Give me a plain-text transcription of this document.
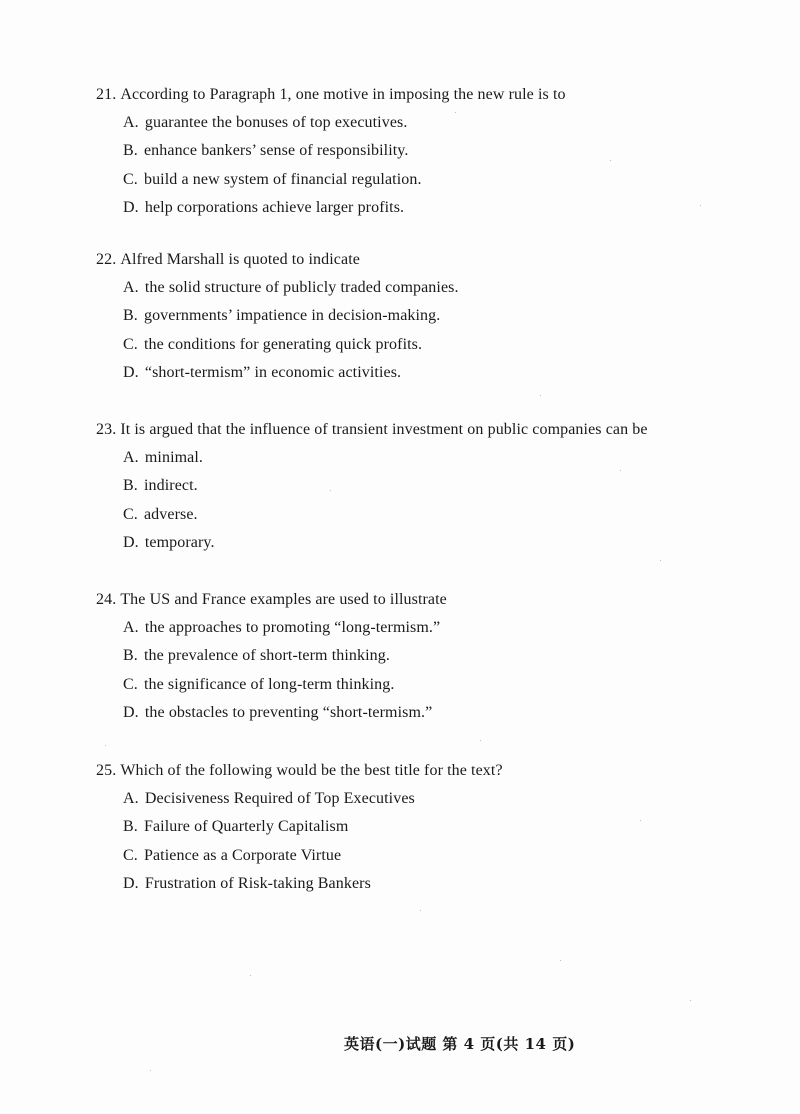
21. According to Paragraph 1, one motive in imposing the new rule is to
A. guarantee the bonuses of top executives.
B. enhance bankers’ sense of responsibility.
C. build a new system of financial regulation.
D. help corporations achieve larger profits.
22. Alfred Marshall is quoted to indicate
A. the solid structure of publicly traded companies.
B. governments’ impatience in decision-making.
C. the conditions for generating quick profits.
D. “short-termism” in economic activities.
23. It is argued that the influence of transient investment on public companies can be
A. minimal.
B. indirect.
C. adverse.
D. temporary.
24. The US and France examples are used to illustrate
A. the approaches to promoting “long-termism.”
B. the prevalence of short-term thinking.
C. the significance of long-term thinking.
D. the obstacles to preventing “short-termism.”
25. Which of the following would be the best title for the text?
A. Decisiveness Required of Top Executives
B. Failure of Quarterly Capitalism
C. Patience as a Corporate Virtue
D. Frustration of Risk-taking Bankers
英语(一)试题 第 4 页(共 14 页)
